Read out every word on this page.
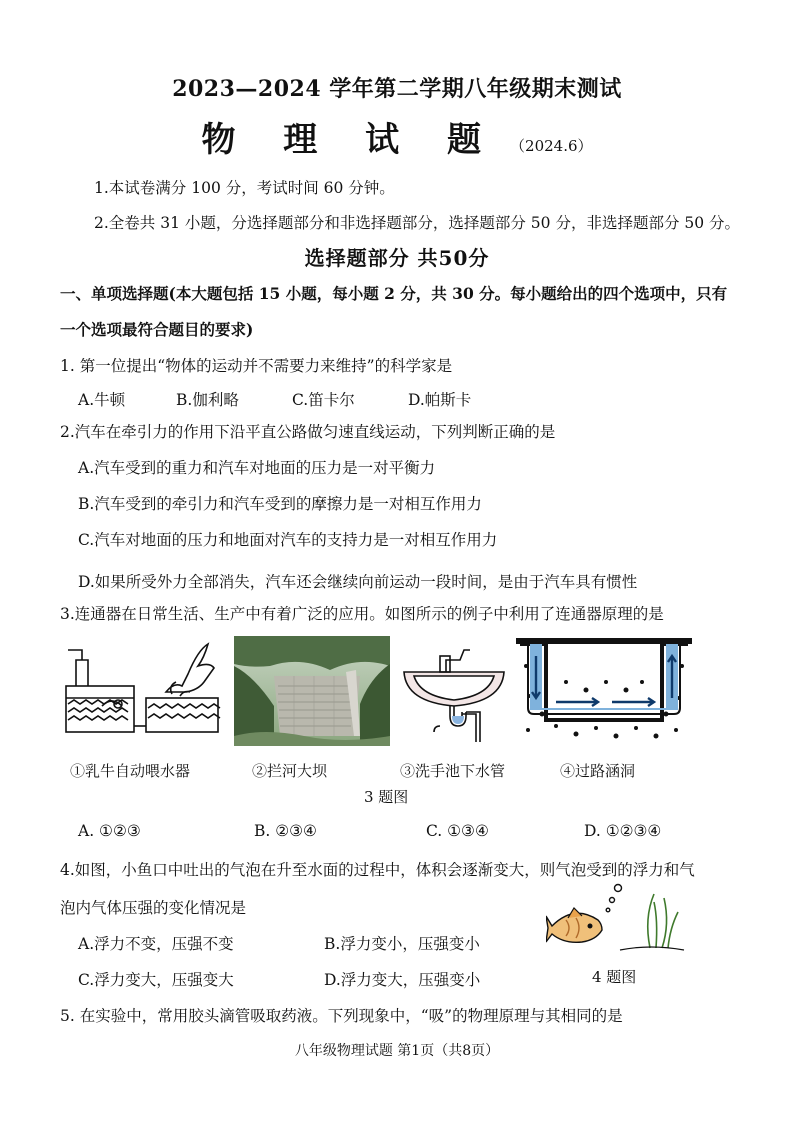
2023—2024 学年第二学期八年级期末测试
物 理 试 题 （2024.6）
1.本试卷满分 100 分，考试时间 60 分钟。
2.全卷共 31 小题，分选择题部分和非选择题部分，选择题部分 50 分，非选择题部分 50 分。
选择题部分 共50分
一、单项选择题(本大题包括 15 小题，每小题 2 分，共 30 分。每小题给出的四个选项中，只有
一个选项最符合题目的要求)
1. 第一位提出“物体的运动并不需要力来维持”的科学家是
A.牛顿	B.伽利略	C.笛卡尔	D.帕斯卡
2.汽车在牵引力的作用下沿平直公路做匀速直线运动，下列判断正确的是
A.汽车受到的重力和汽车对地面的压力是一对平衡力
B.汽车受到的牵引力和汽车受到的摩擦力是一对相互作用力
C.汽车对地面的压力和地面对汽车的支持力是一对相互作用力
D.如果所受外力全部消失，汽车还会继续向前运动一段时间，是由于汽车具有惯性
3.连通器在日常生活、生产中有着广泛的应用。如图所示的例子中利用了连通器原理的是
①乳牛自动喂水器	②拦河大坝	③洗手池下水管	④过路涵洞
3 题图
A. ①②③	B. ②③④	C. ①③④	D. ①②③④
4.如图，小鱼口中吐出的气泡在升至水面的过程中，体积会逐渐变大，则气泡受到的浮力和气
泡内气体压强的变化情况是
A.浮力不变，压强不变	B.浮力变小，压强变小
C.浮力变大，压强变大	D.浮力变大，压强变小	4 题图
5. 在实验中，常用胶头滴管吸取药液。下列现象中，“吸”的物理原理与其相同的是
八年级物理试题 第1页（共8页）
